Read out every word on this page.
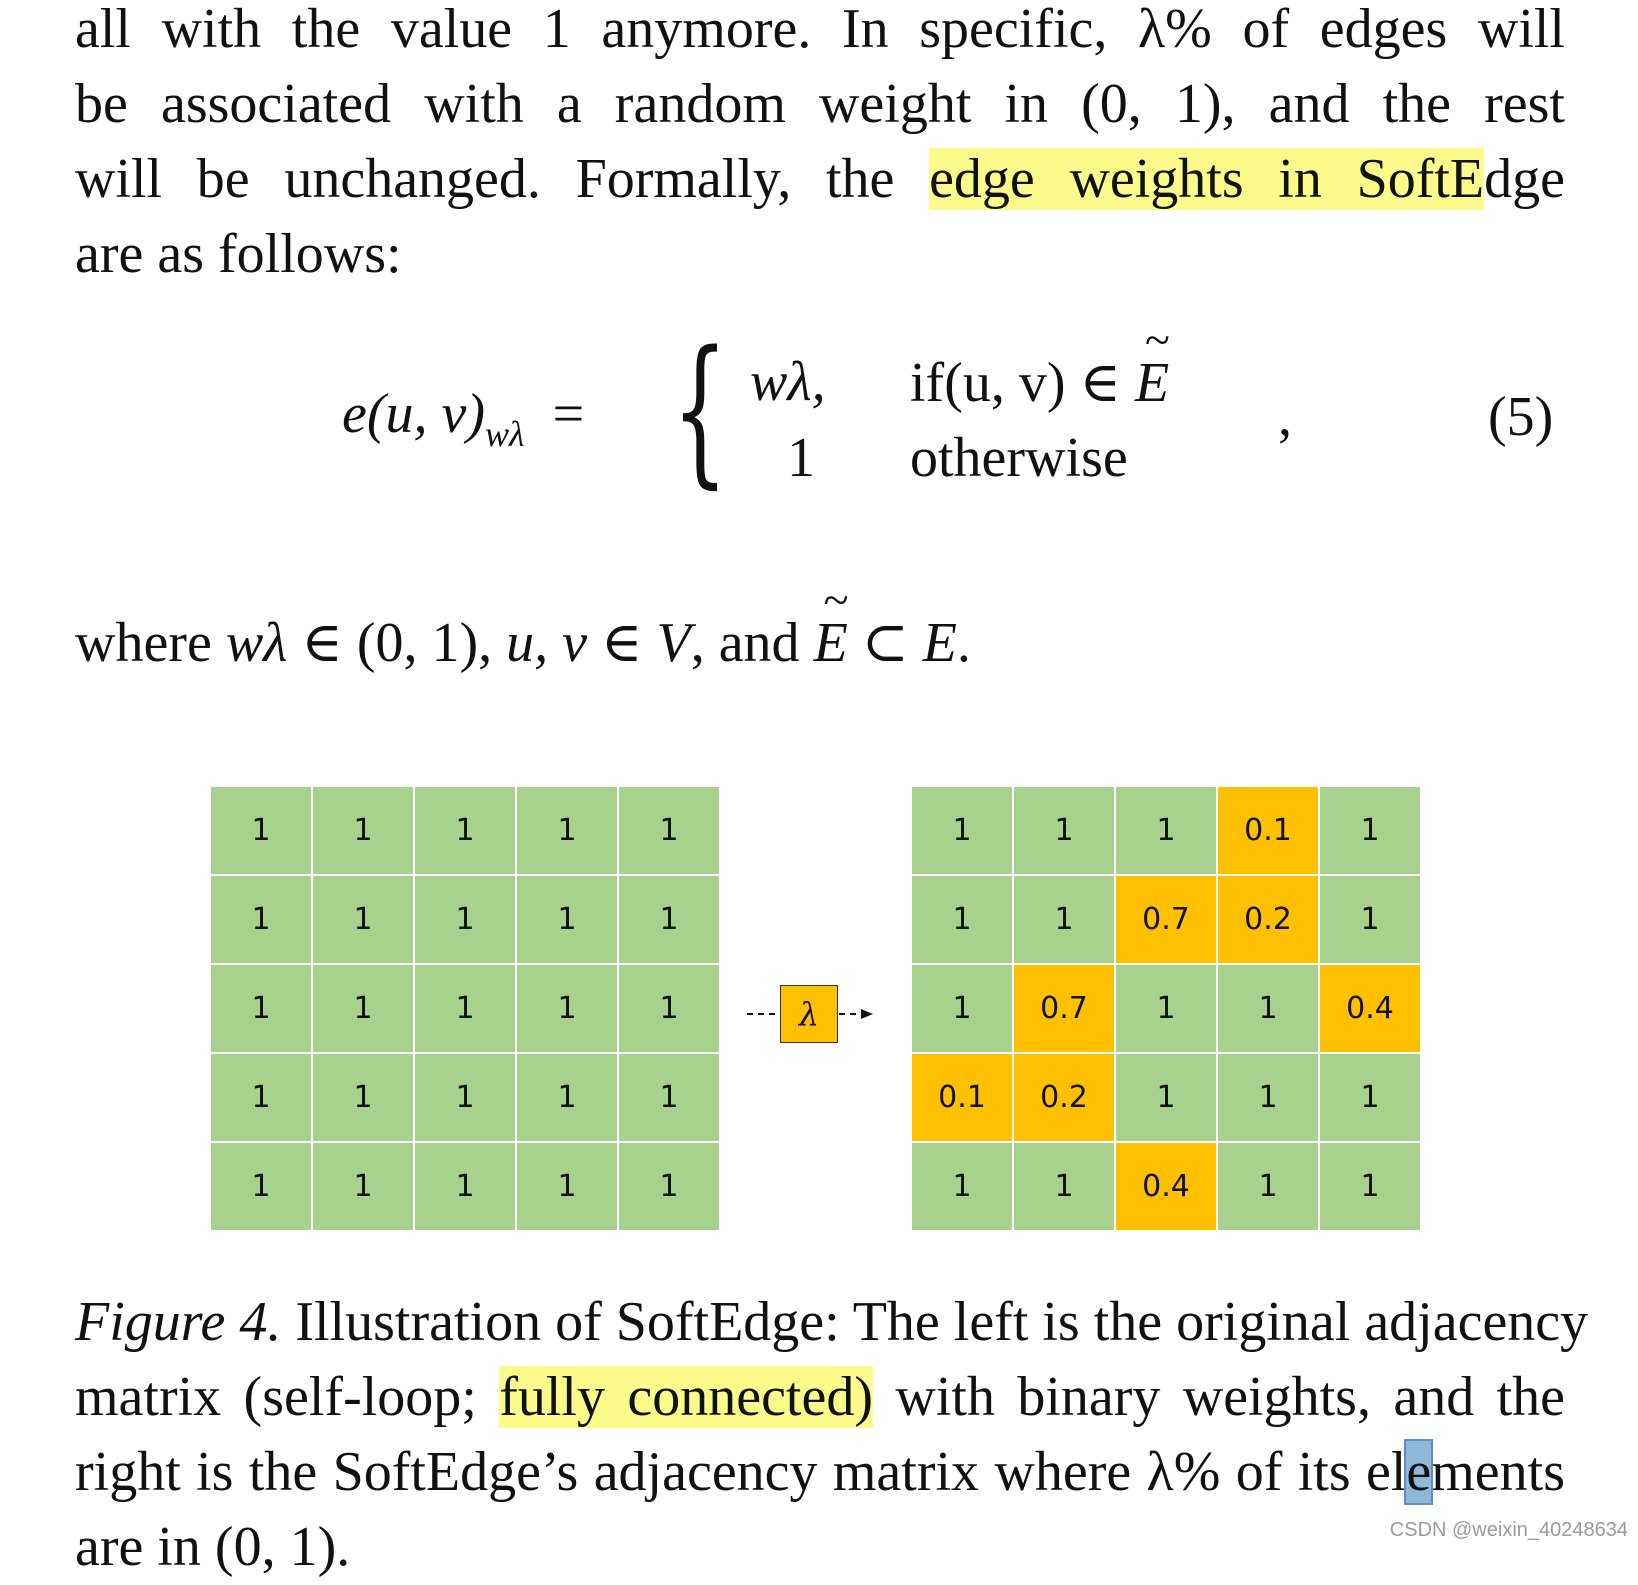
all with the value 1 anymore. In specific, λ% of edges will
be associated with a random weight in (0, 1), and the rest
will be unchanged. Formally, the edge weights in SoftEdge
are as follows:
e(u, $v)_{w\lambda}$ = { wλ,
1
if(u, v) ∈ ~ E
otherwise
,	(5)
where wλ ∈ (0, 1), u, v ∈ V, and ~ E ⊂ E.
1	1	1	1	1
1	1	1	1	1
1	1	1	1	1
1	1	1	1	1
1	1	1	1	1
λ
1	1	1	0.1	1
1	1	0.7	0.2	1
1	0.7	1	1	0.4
0.1	0.2	1	1	1
1	1	0.4	1	1
Figure 4. Illustration of SoftEdge: The left is the original adjacency
matrix (self-loop; fully connected) with binary weights, and the
right is the SoftEdge’s adjacency matrix where λ% of its elements
are in (0, 1).	CSDN @weixin_40248634
